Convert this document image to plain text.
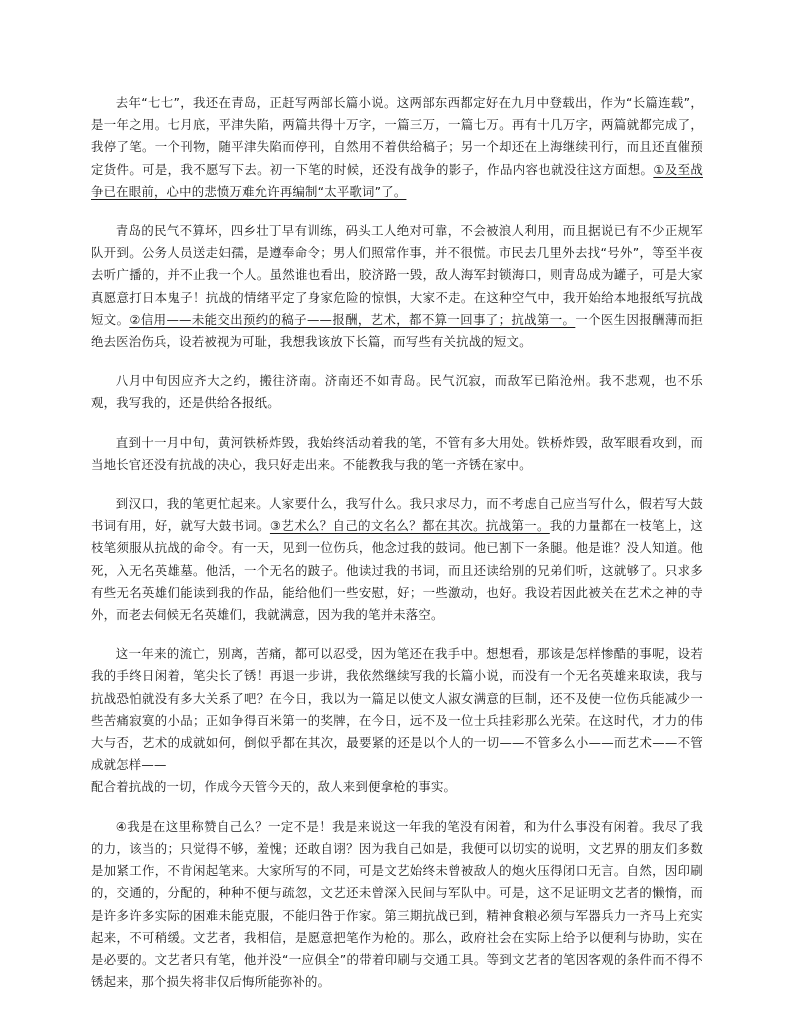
去年“七七”，我还在青岛，正赶写两部长篇小说。这两部东西都定好在九月中登载出，作为“长篇连载”，是一年之用。七月底，平津失陷，两篇共得十万字，一篇三万，一篇七万。再有十几万字，两篇就都完成了，我停了笔。一个刊物，随平津失陷而停刊，自然用不着供给稿子；另一个却还在上海继续刊行，而且还直催预定货件。可是，我不愿写下去。初一下笔的时候，还没有战争的影子，作品内容也就没往这方面想。①及至战争已在眼前，心中的悲愤万难允许再编制“太平歌词”了。

青岛的民气不算坏，四乡壮丁早有训练，码头工人绝对可靠，不会被浪人利用，而且据说已有不少正规军队开到。公务人员送走妇孺，是遵奉命令；男人们照常作事，并不很慌。市民去几里外去找“号外”，等至半夜去听广播的，并不止我一个人。虽然谁也看出，胶济路一毁，敌人海军封锁海口，则青岛成为罐子，可是大家真愿意打日本鬼子！抗战的情绪平定了身家危险的惊惧，大家不走。在这种空气中，我开始给本地报纸写抗战短文。②信用——未能交出预约的稿子——报酬，艺术，都不算一回事了；抗战第一。一个医生因报酬薄而拒绝去医治伤兵，设若被视为可耻，我想我该放下长篇，而写些有关抗战的短文。

八月中旬因应齐大之约，搬往济南。济南还不如青岛。民气沉寂，而敌军已陷沧州。我不悲观，也不乐观，我写我的，还是供给各报纸。

直到十一月中旬，黄河铁桥炸毁，我始终活动着我的笔，不管有多大用处。铁桥炸毁，敌军眼看攻到，而当地长官还没有抗战的决心，我只好走出来。不能教我与我的笔一齐锈在家中。

到汉口，我的笔更忙起来。人家要什么，我写什么。我只求尽力，而不考虑自己应当写什么，假若写大鼓书词有用，好，就写大鼓书词。③艺术么？自己的文名么？都在其次。抗战第一。我的力量都在一枝笔上，这枝笔须服从抗战的命令。有一天，见到一位伤兵，他念过我的鼓词。他已割下一条腿。他是谁？没人知道。他死，入无名英雄墓。他活，一个无名的跛子。他读过我的书词，而且还读给别的兄弟们听，这就够了。只求多有些无名英雄们能读到我的作品，能给他们一些安慰，好；一些激动，也好。我设若因此被关在艺术之神的寺外，而老去伺候无名英雄们，我就满意，因为我的笔并未落空。

这一年来的流亡，别离，苦痛，都可以忍受，因为笔还在我手中。想想看，那该是怎样惨酷的事呢，设若我的手终日闲着，笔尖长了锈！再退一步讲，我依然继续写我的长篇小说，而没有一个无名英雄来取读，我与抗战恐怕就没有多大关系了吧？在今日，我以为一篇足以使文人淑女满意的巨制，还不及使一位伤兵能减少一些苦痛寂寞的小品；正如争得百米第一的奖牌，在今日，远不及一位士兵挂彩那么光荣。在这时代，才力的伟大与否，艺术的成就如何，倒似乎都在其次，最要紧的还是以个人的一切——不管多么小——而艺术——不管成就怎样——

配合着抗战的一切，作成今天管今天的，敌人来到便拿枪的事实。

④我是在这里称赞自己么？一定不是！我是来说这一年我的笔没有闲着，和为什么事没有闲着。我尽了我的力，该当的；只觉得不够，羞愧；还敢自诩？因为我自己如是，我便可以切实的说明，文艺界的朋友们多数是加紧工作，不肯闲起笔来。大家所写的不同，可是文艺始终未曾被敌人的炮火压得闭口无言。自然，因印刷的，交通的，分配的，种种不便与疏忽，文艺还未曾深入民间与军队中。可是，这不足证明文艺者的懒惰，而是许多许多实际的困难未能克服，不能归咎于作家。第三期抗战已到，精神食粮必须与军器兵力一齐马上充实起来，不可稍缓。文艺者，我相信，是愿意把笔作为枪的。那么，政府社会在实际上给予以便利与协助，实在是必要的。文艺者只有笔，他并没“一应俱全”的带着印刷与交通工具。等到文艺者的笔因客观的条件而不得不锈起来，那个损失将非仅后悔所能弥补的。
